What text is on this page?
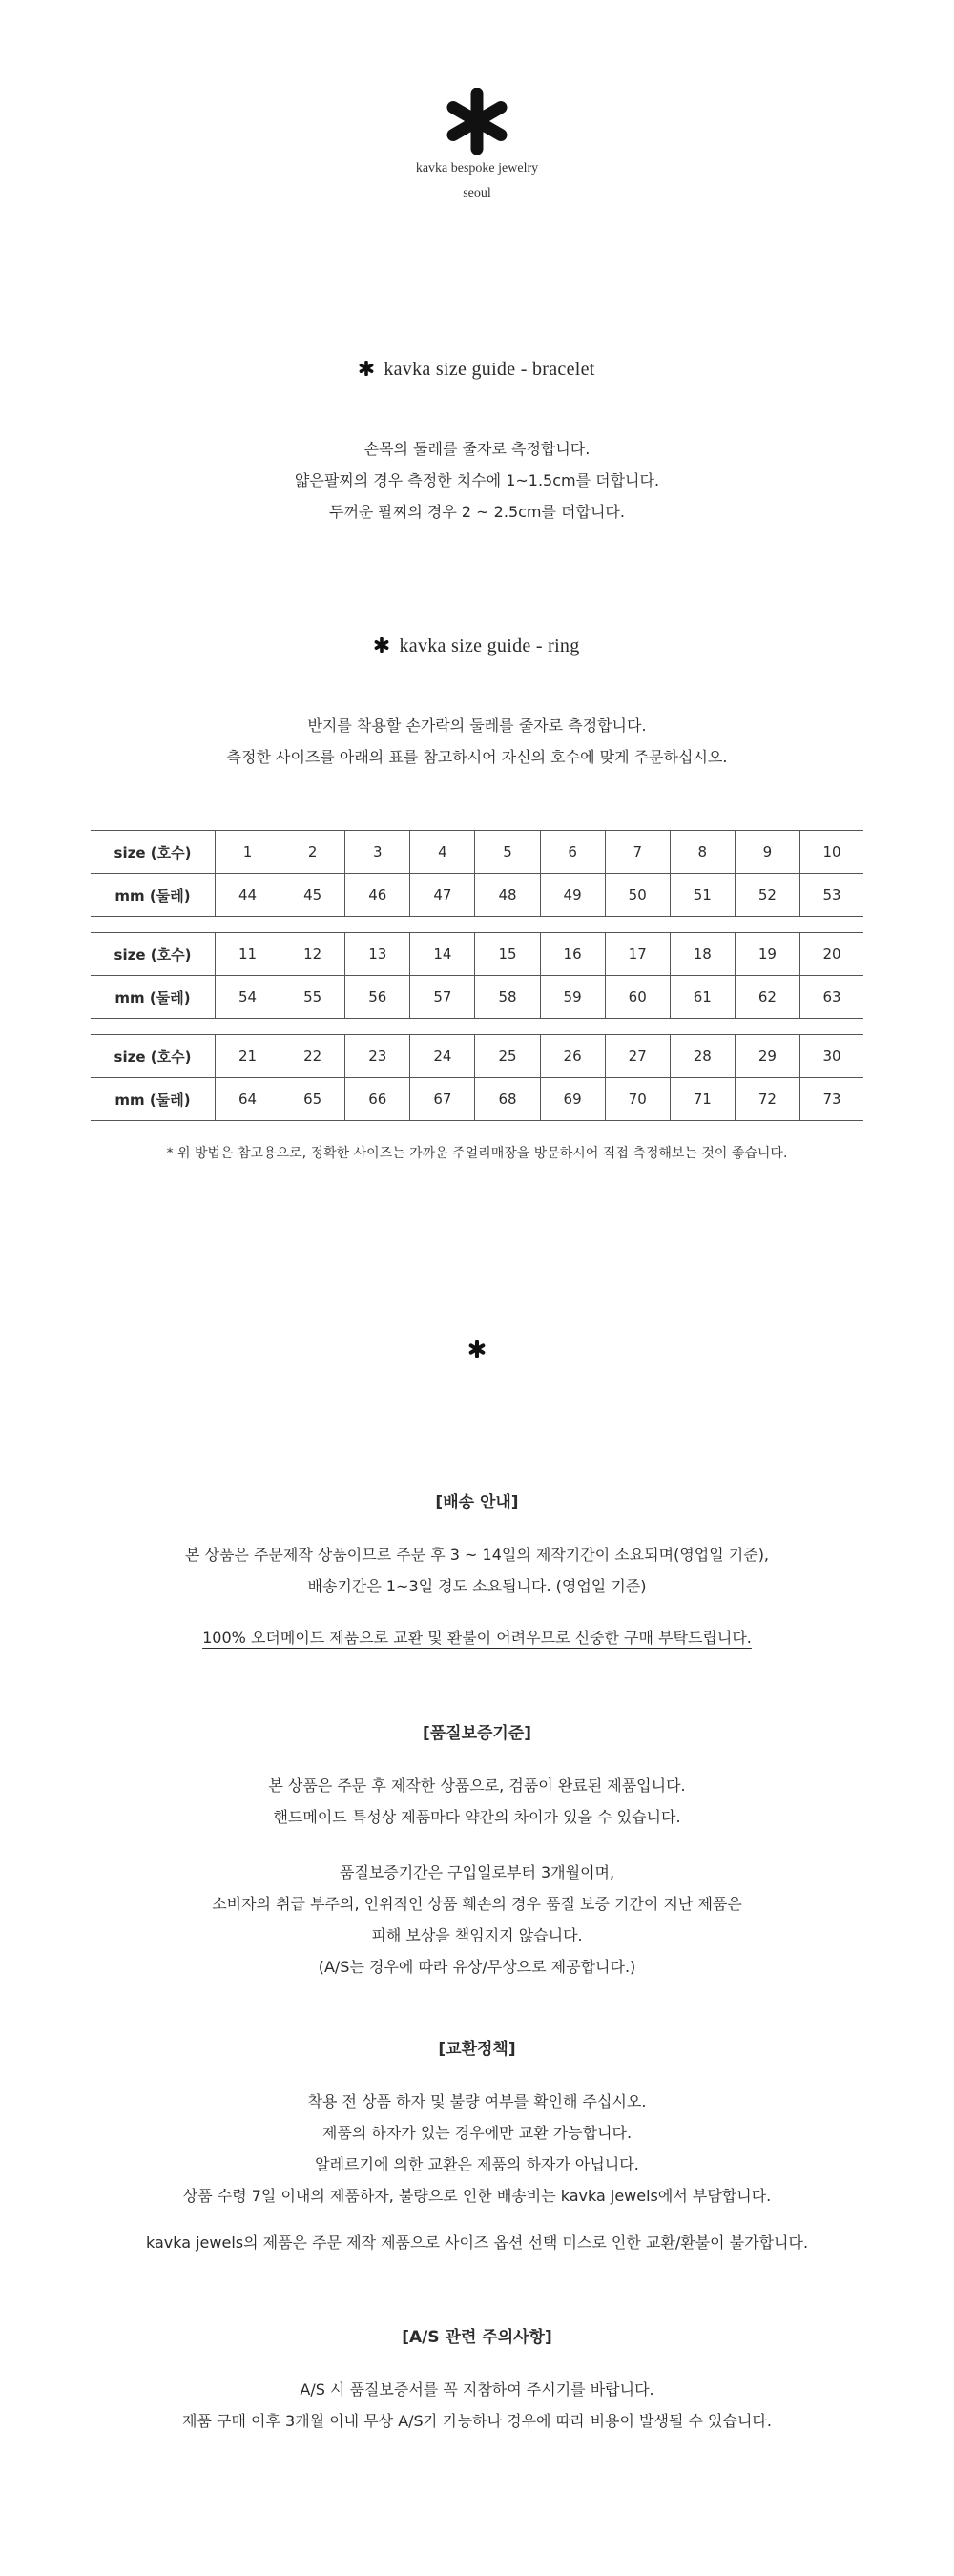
kavka bespoke jewelry
seoul
kavka size guide - bracelet

손목의 둘레를 줄자로 측정합니다.

얇은팔찌의 경우 측정한 치수에 1~1.5cm를 더합니다.

두꺼운 팔찌의 경우 2 ~ 2.5cm를 더합니다.

kavka size guide - ring

반지를 착용할 손가락의 둘레를 줄자로 측정합니다.

측정한 사이즈를 아래의 표를 참고하시어 자신의 호수에 맞게 주문하십시오.

size (호수)	1	2	3	4	5	6	7	8	9	10
mm (둘레)	44	45	46	47	48	49	50	51	52	53
size (호수)	11	12	13	14	15	16	17	18	19	20
mm (둘레)	54	55	56	57	58	59	60	61	62	63
size (호수)	21	22	23	24	25	26	27	28	29	30
mm (둘레)	64	65	66	67	68	69	70	71	72	73
* 위 방법은 참고용으로, 정확한 사이즈는 가까운 주얼리매장을 방문하시어 직접 측정해보는 것이 좋습니다.
[배송 안내]

본 상품은 주문제작 상품이므로 주문 후 3 ~ 14일의 제작기간이 소요되며(영업일 기준),

배송기간은 1~3일 경도 소요됩니다. (영업일 기준)

100% 오더메이드 제품으로 교환 및 환불이 어려우므로 신중한 구매 부탁드립니다.

[품질보증기준]

본 상품은 주문 후 제작한 상품으로, 검품이 완료된 제품입니다.

핸드메이드 특성상 제품마다 약간의 차이가 있을 수 있습니다.

품질보증기간은 구입일로부터 3개월이며,

소비자의 취급 부주의, 인위적인 상품 훼손의 경우 품질 보증 기간이 지난 제품은

피해 보상을 책임지지 않습니다.

(A/S는 경우에 따라 유상/무상으로 제공합니다.)

[교환정책]

착용 전 상품 하자 및 불량 여부를 확인해 주십시오.

제품의 하자가 있는 경우에만 교환 가능합니다.

알레르기에 의한 교환은 제품의 하자가 아닙니다.

상품 수령 7일 이내의 제품하자, 불량으로 인한 배송비는 kavka jewels에서 부담합니다.

kavka jewels의 제품은 주문 제작 제품으로 사이즈 옵션 선택 미스로 인한 교환/환불이 불가합니다.

[A/S 관련 주의사항]

A/S 시 품질보증서를 꼭 지참하여 주시기를 바랍니다.

제품 구매 이후 3개월 이내 무상 A/S가 가능하나 경우에 따라 비용이 발생될 수 있습니다.
